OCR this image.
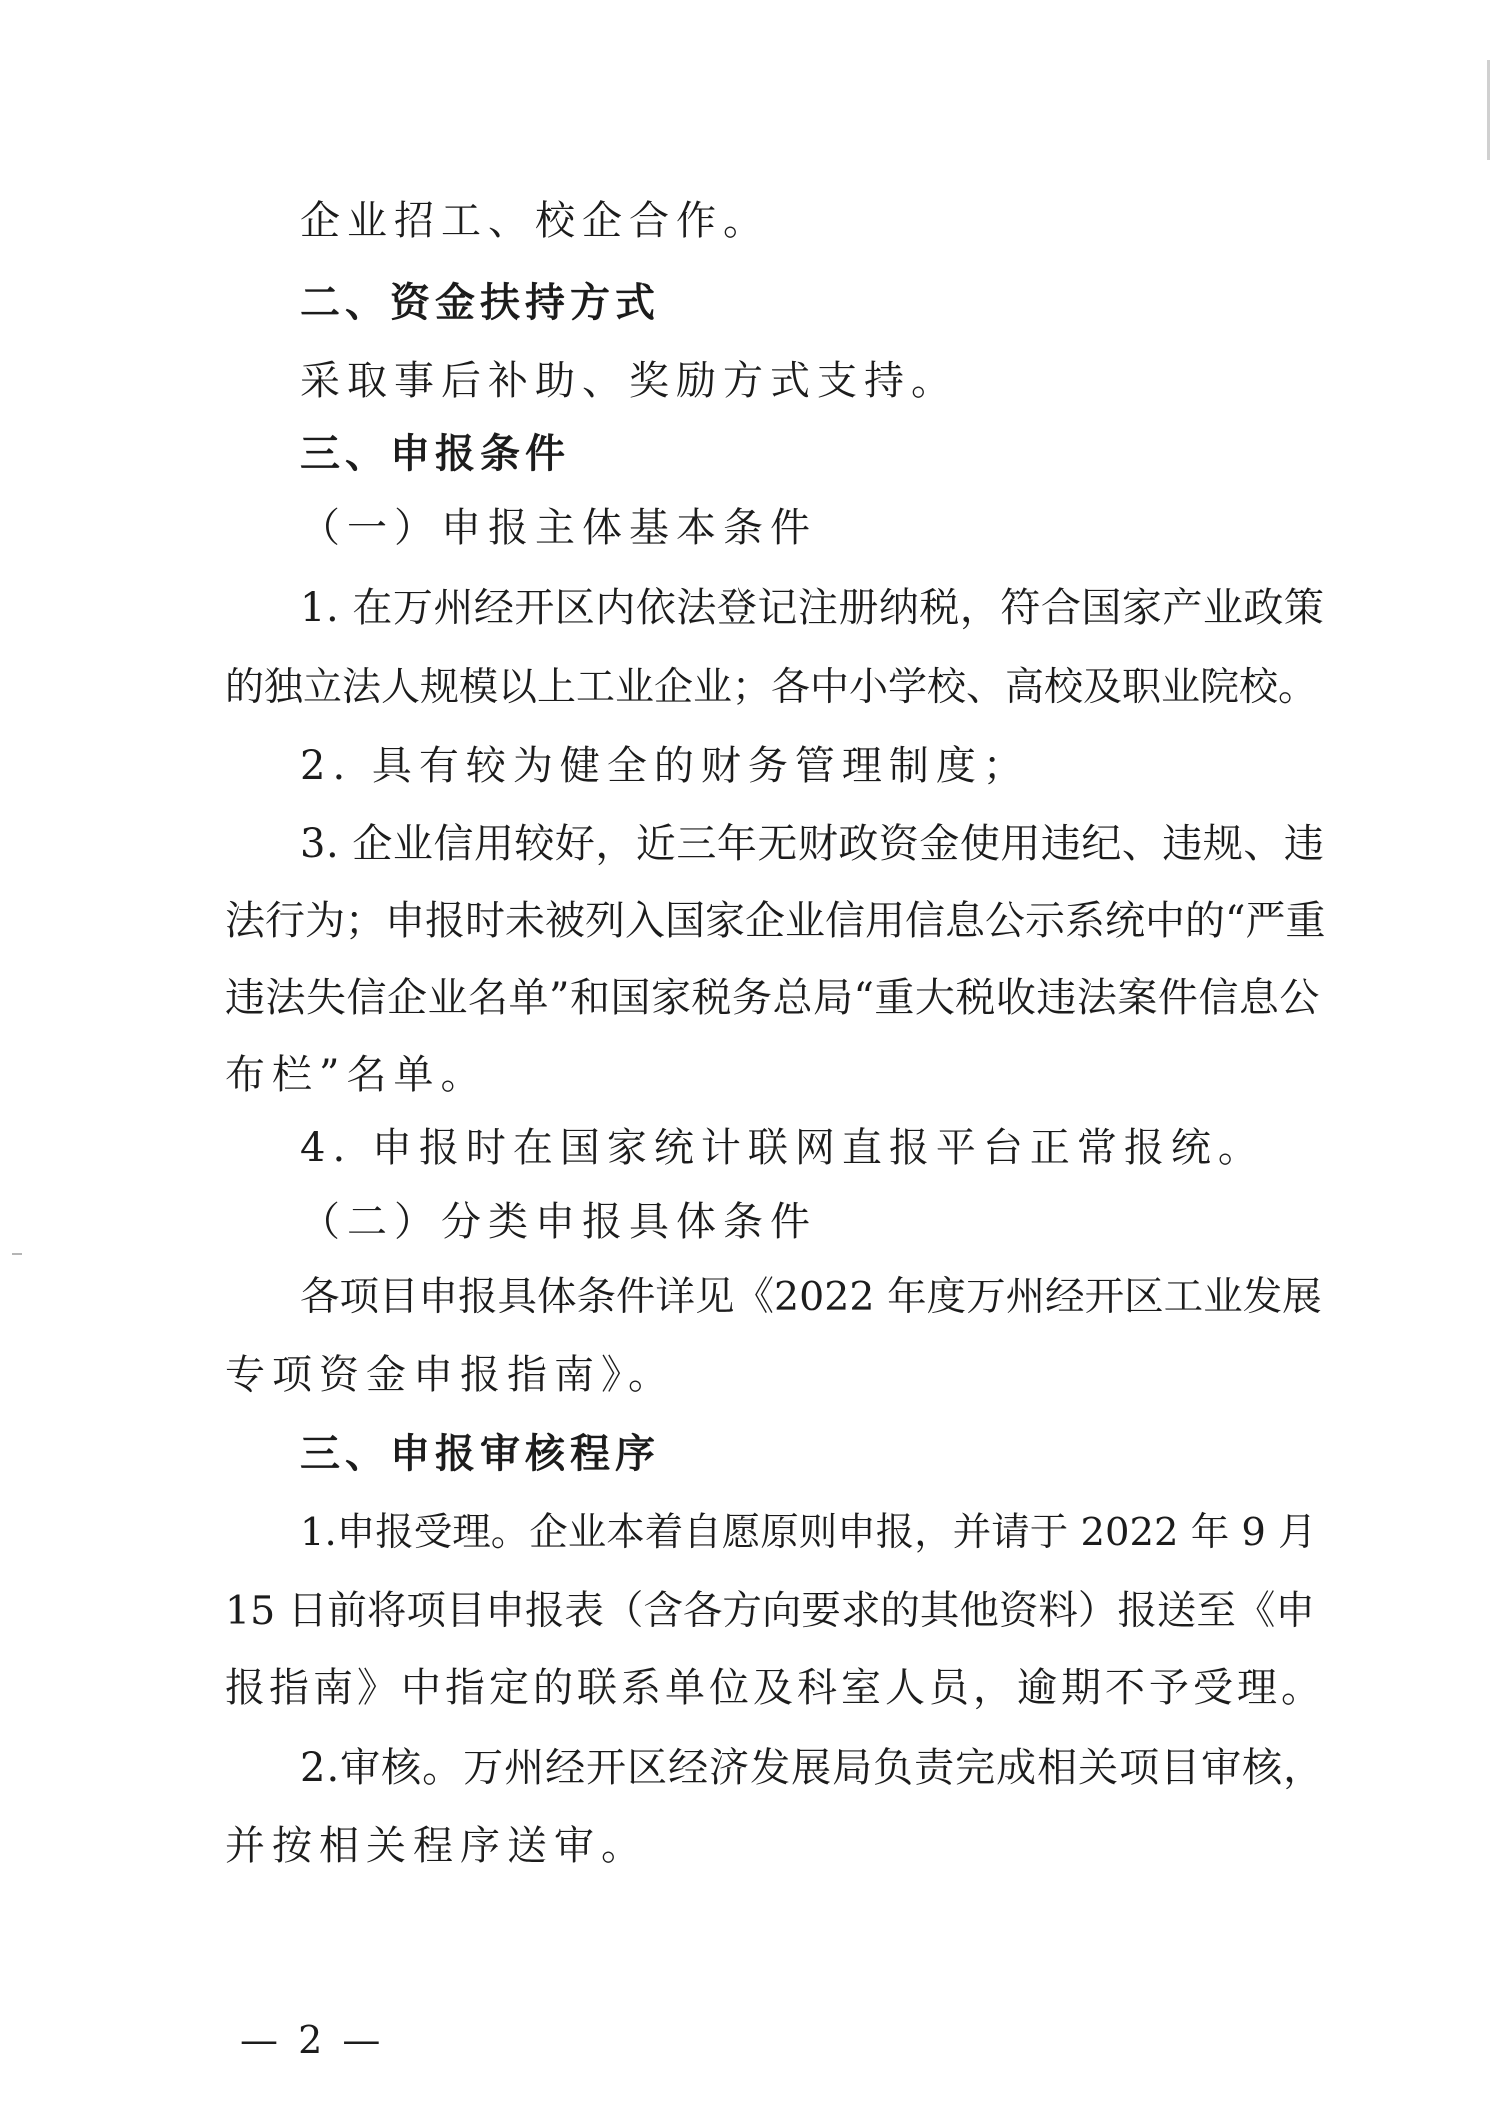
企业招工、校企合作。
二、资金扶持方式
采取事后补助、奖励方式支持。
三、申报条件
（一）申报主体基本条件
1. 在万州经开区内依法登记注册纳税，符合国家产业政策
的独立法人规模以上工业企业；各中小学校、高校及职业院校。
2. 具有较为健全的财务管理制度；
3. 企业信用较好，近三年无财政资金使用违纪、违规、违
法行为；申报时未被列入国家企业信用信息公示系统中的“严重
违法失信企业名单”和国家税务总局“重大税收违法案件信息公
布栏”名单。
4. 申报时在国家统计联网直报平台正常报统。
（二）分类申报具体条件
各项目申报具体条件详见《2022 年度万州经开区工业发展
专项资金申报指南》。
三、申报审核程序
1.申报受理。企业本着自愿原则申报，并请于 2022 年 9 月
15 日前将项目申报表（含各方向要求的其他资料）报送至《申
报指南》中指定的联系单位及科室人员，逾期不予受理。
2.审核。万州经开区经济发展局负责完成相关项目审核，
并按相关程序送审。
— 2 —
